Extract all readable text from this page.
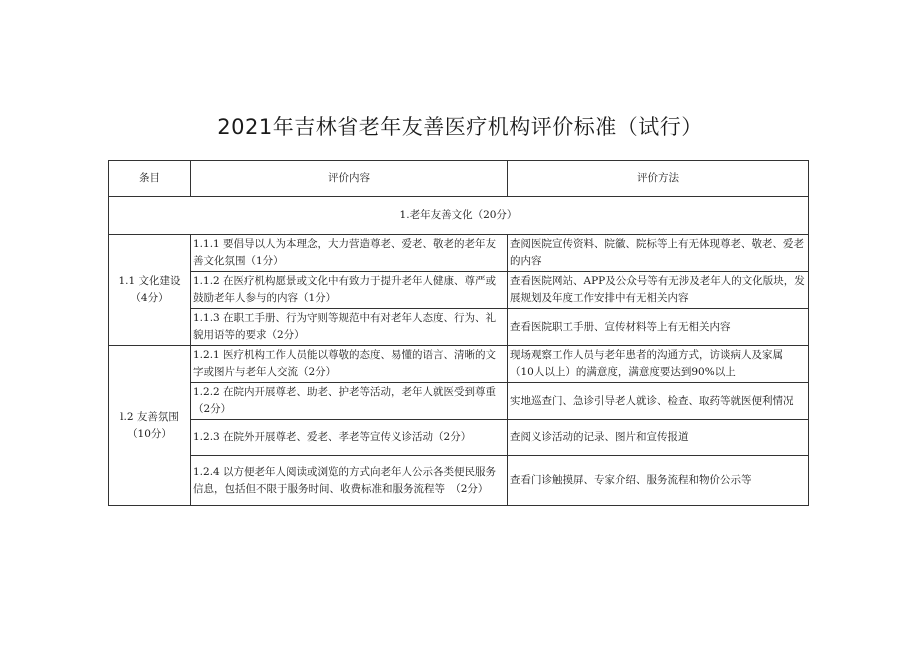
2021年吉林省老年友善医疗机构评价标准（试行）
条目	评价内容	评价方法
1.老年友善文化（20分）		
1.1 文化建设（4分）	1.1.1 要倡导以人为本理念，大力营造尊老、爱老、敬老的老年友善文化氛围（1分）	查阅医院宣传资料、院徽、院标等上有无体现尊老、敬老、爱老的内容
	1.1.2 在医疗机构愿景或文化中有致力于提升老年人健康、尊严或鼓励老年人参与的内容（1分）	查看医院网站、APP及公众号等有无涉及老年人的文化版块，发展规划及年度工作安排中有无相关内容
	1.1.3 在职工手册、行为守则等规范中有对老年人态度、行为、礼貌用语等的要求（2分）	查看医院职工手册、宣传材料等上有无相关内容
l.2 友善氛围（10分）	1.2.1 医疗机构工作人员能以尊敬的态度、易懂的语言、清晰的文字或图片与老年人交流（2分）	现场观察工作人员与老年患者的沟通方式，访谈病人及家属（10人以上）的满意度，满意度要达到90%以上
	1.2.2 在院内开展尊老、助老、护老等活动，老年人就医受到尊重（2分）	实地巡查门、急诊引导老人就诊、检查、取药等就医便利情况
	1.2.3 在院外开展尊老、爱老、孝老等宣传义诊活动（2分）	查阅义诊活动的记录、图片和宣传报道
	1.2.4 以方便老年人阅读或浏览的方式向老年人公示各类便民服务信息，包括但不限于服务时间、收费标准和服务流程等　（2分）	查看门诊触摸屏、专家介绍、服务流程和物价公示等
